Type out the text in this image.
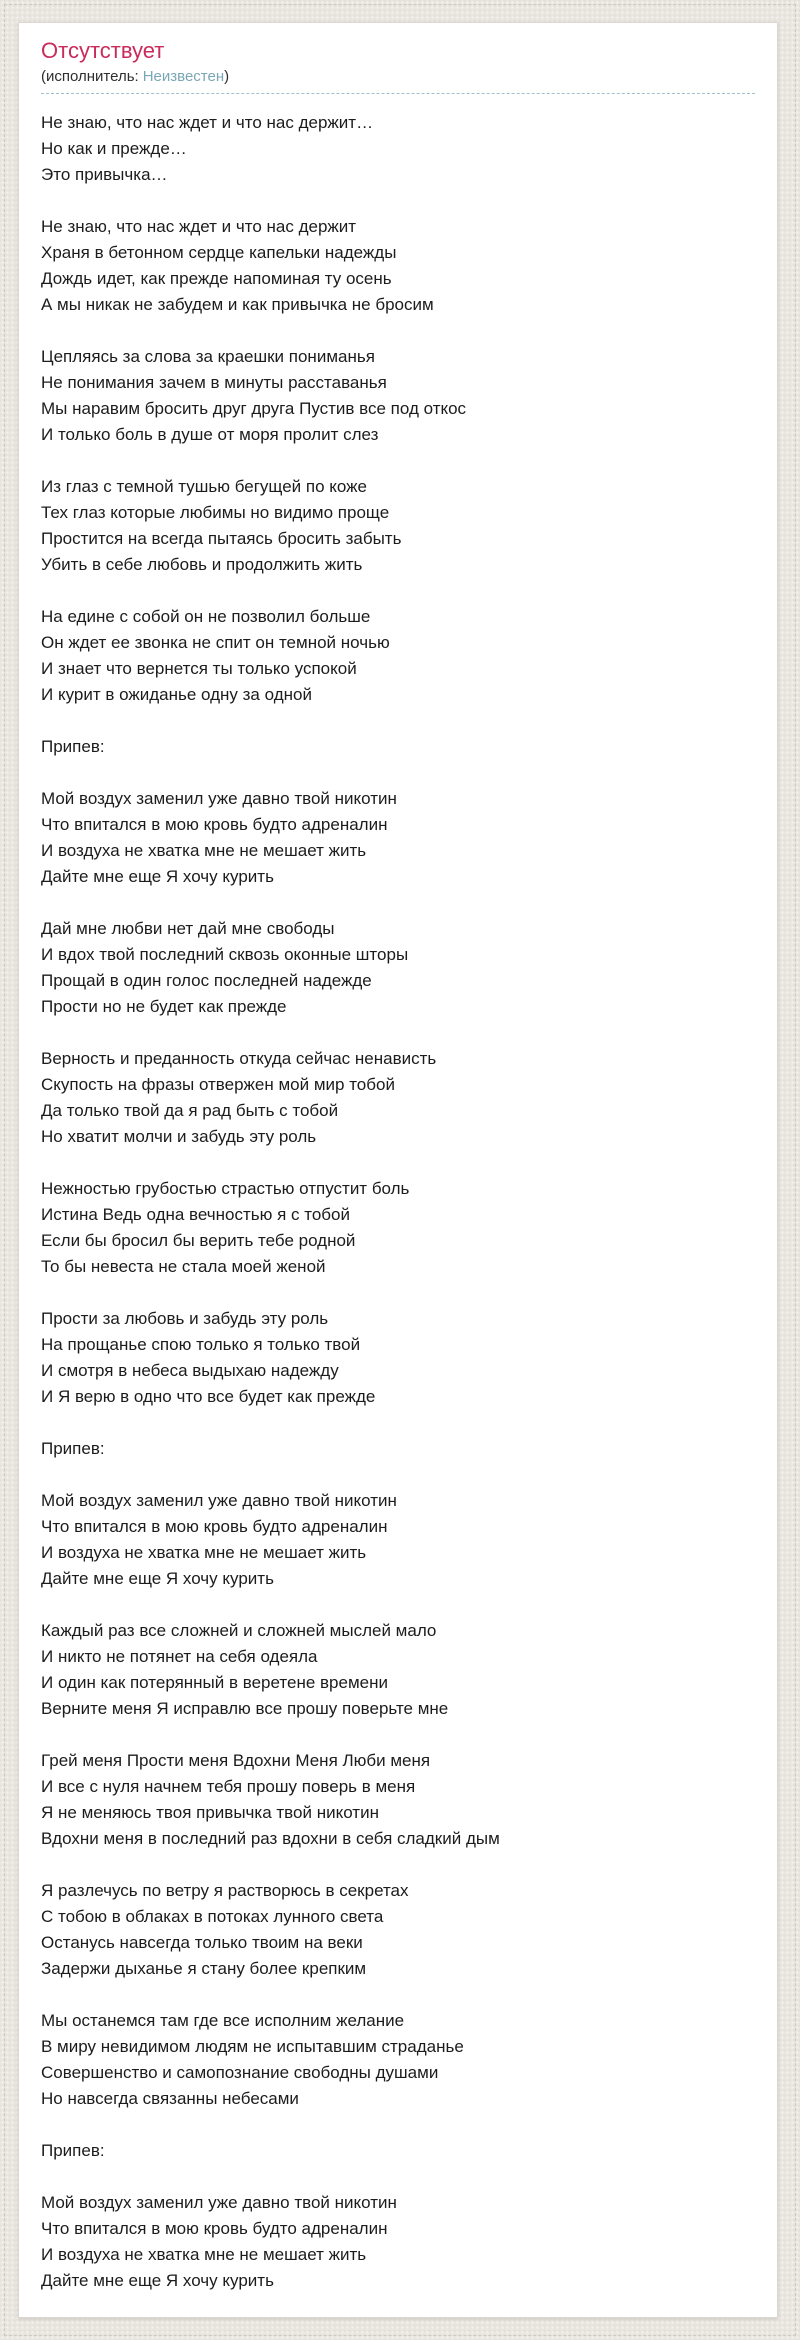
Отсутствует
(исполнитель: Неизвестен)

Не знаю, что нас ждет и что нас держит…
Но как и прежде…
Это привычка…

Не знаю, что нас ждет и что нас держит
Храня в бетонном сердце капельки надежды
Дождь идет, как прежде напоминая ту осень
А мы никак не забудем и как привычка не бросим

Цепляясь за слова за краешки пониманья
Не понимания зачем в минуты расставанья
Мы наравим бросить друг друга Пустив все под откос
И только боль в душе от моря пролит слез

Из глаз с темной тушью бегущей по коже
Тех глаз которые любимы но видимо проще
Простится на всегда пытаясь бросить забыть
Убить в себе любовь и продолжить жить

На едине с собой он не позволил больше
Он ждет ее звонка не спит он темной ночью
И знает что вернется ты только успокой
И курит в ожиданье одну за одной

Припев:

Мой воздух заменил уже давно твой никотин
Что впитался в мою кровь будто адреналин
И воздуха не хватка мне не мешает жить
Дайте мне еще Я хочу курить

Дай мне любви нет дай мне свободы
И вдох твой последний сквозь оконные шторы
Прощай в один голос последней надежде
Прости но не будет как прежде

Верность и преданность откуда сейчас ненависть
Скупость на фразы отвержен мой мир тобой
Да только твой да я рад быть с тобой
Но хватит молчи и забудь эту роль

Нежностью грубостью страстью отпустит боль
Истина Ведь одна вечностью я с тобой
Если бы бросил бы верить тебе родной
То бы невеста не стала моей женой

Прости за любовь и забудь эту роль
На прощанье спою только я только твой
И смотря в небеса выдыхаю надежду
И Я верю в одно что все будет как прежде

Припев:

Мой воздух заменил уже давно твой никотин
Что впитался в мою кровь будто адреналин
И воздуха не хватка мне не мешает жить
Дайте мне еще Я хочу курить

Каждый раз все сложней и сложней мыслей мало
И никто не потянет на себя одеяла
И один как потерянный в веретене времени
Верните меня Я исправлю все прошу поверьте мне

Грей меня Прости меня Вдохни Меня Люби меня
И все с нуля начнем тебя прошу поверь в меня
Я не меняюсь твоя привычка твой никотин
Вдохни меня в последний раз вдохни в себя сладкий дым

Я разлечусь по ветру я растворюсь в секретах
С тобою в облаках в потоках лунного света
Останусь навсегда только твоим на веки
Задержи дыханье я стану более крепким

Мы останемся там где все исполним желание
В миру невидимом людям не испытавшим страданье
Совершенство и самопознание свободны душами
Но навсегда связанны небесами

Припев:

Мой воздух заменил уже давно твой никотин
Что впитался в мою кровь будто адреналин
И воздуха не хватка мне не мешает жить
Дайте мне еще Я хочу курить
